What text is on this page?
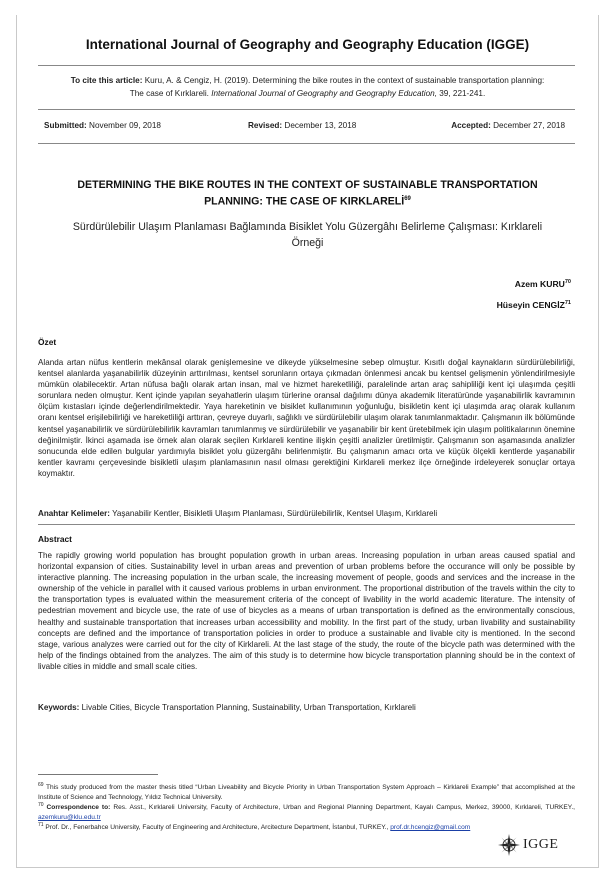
International Journal of Geography and Geography Education (IGGE)
To cite this article: Kuru, A. & Cengiz, H. (2019). Determining the bike routes in the context of sustainable transportation planning:
The case of Kırklareli. International Journal of Geography and Geography Education, 39, 221-241.
Submitted: November 09, 2018	Revised: December 13, 2018	Accepted: December 27, 2018
DETERMINING THE BIKE ROUTES IN THE CONTEXT OF SUSTAINABLE TRANSPORTATION
PLANNING: THE CASE OF KIRKLARELİ$^{69}$
Sürdürülebilir Ulaşım Planlaması Bağlamında Bisiklet Yolu Güzergâhı Belirleme Çalışması: Kırklareli Örneği
Azem KURU$^{70}$
Hüseyin CENGİZ$^{71}$
Özet
Alanda artan nüfus kentlerin mekânsal olarak genişlemesine ve dikeyde yükselmesine sebep olmuştur. Kısıtlı doğal kaynakların sürdürülebilirliği, kentsel alanlarda yaşanabilirlik düzeyinin arttırılması, kentsel sorunların ortaya çıkmadan önlenmesi ancak bu kentsel gelişmenin yönlendirilmesiyle mümkün olabilecektir. Artan nüfusa bağlı olarak artan insan, mal ve hizmet hareketliliği, paralelinde artan araç sahipliliği kent içi ulaşımda çeşitli sorunlara neden olmuştur. Kent içinde yapılan seyahatlerin ulaşım türlerine oransal dağılımı dünya akademik literatüründe yaşanabilirlik kavramının ölçüm kıstasları içinde değerlendirilmektedir. Yaya hareketinin ve bisiklet kullanımının yoğunluğu, bisikletin kent içi ulaşımda araç olarak kullanım oranı kentsel erişilebilirliği ve hareketliliği arttıran, çevreye duyarlı, sağlıklı ve sürdürülebilir ulaşım olarak tanımlanmaktadır. Çalışmanın ilk bölümünde kentsel yaşanabilirlik ve sürdürülebilirlik kavramları tanımlanmış ve sürdürülebilir ve yaşanabilir bir kent üretebilmek için ulaşım politikalarının önemine değinilmiştir. İkinci aşamada ise örnek alan olarak seçilen Kırklareli kentine ilişkin çeşitli analizler üretilmiştir. Çalışmanın son aşamasında analizler sonucunda elde edilen bulgular yardımıyla bisiklet yolu güzergâhı belirlenmiştir. Bu çalışmanın amacı orta ve küçük ölçekli kentlerde yaşanabilir kentler kavramı çerçevesinde bisikletli ulaşım planlamasının nasıl olması gerektiğini Kırklareli merkez ilçe örneğinde irdeleyerek sonuçlar ortaya koymaktır.
Anahtar Kelimeler: Yaşanabilir Kentler, Bisikletli Ulaşım Planlaması, Sürdürülebilirlik, Kentsel Ulaşım, Kırklareli
Abstract
The rapidly growing world population has brought population growth in urban areas. Increasing population in urban areas caused spatial and horizontal expansion of cities. Sustainability level in urban areas and prevention of urban problems before the occurance will only be possible by interactive planning. The increasing population in the urban scale, the increasing movement of people, goods and services and the increase in the ownership of the vehicle in parallel with it caused various problems in urban environment. The proportional distribution of the travels within the city to the transportation types is evaluated within the measurement criteria of the concept of livability in the world academic literature. The intensity of pedestrian movement and bicycle use, the rate of use of bicycles as a means of urban transportation is defined as the environmentally conscious, healthy and sustainable transportation that increases urban accessibility and mobility. In the first part of the study, urban livability and sustainability concepts are defined and the importance of transportation policies in order to produce a sustainable and livable city is mentioned. In the second stage, various analyzes were carried out for the city of Kirklareli. At the last stage of the study, the route of the bicycle path was determined with the help of the findings obtained from the analyzes. The aim of this study is to determine how bicycle transportation planning should be in the context of livable cities in middle and small scale cities.
Keywords: Livable Cities, Bicycle Transportation Planning, Sustainability, Urban Transportation, Kırklareli
$^{69}$ This study produced from the master thesis titled “Urban Liveability and Bicycle Priority in Urban Transportation System Approach – Kirklareli Example” that accomplished at the Institute of Science and Technology, Yıldız Technical University.
$^{70}$ Correspondence to: Res. Asst., Kırklareli University, Faculty of Architecture, Urban and Regional Planning Department, Kayalı Campus, Merkez, 39000, Kırklareli, TURKEY., azemkuru@klu.edu.tr
$^{71}$ Prof. Dr., Fenerbahce University, Faculty of Engineering and Architecture, Arcitecture Department, İstanbul, TURKEY., prof.dr.hcengiz@gmail.com
IGGE
